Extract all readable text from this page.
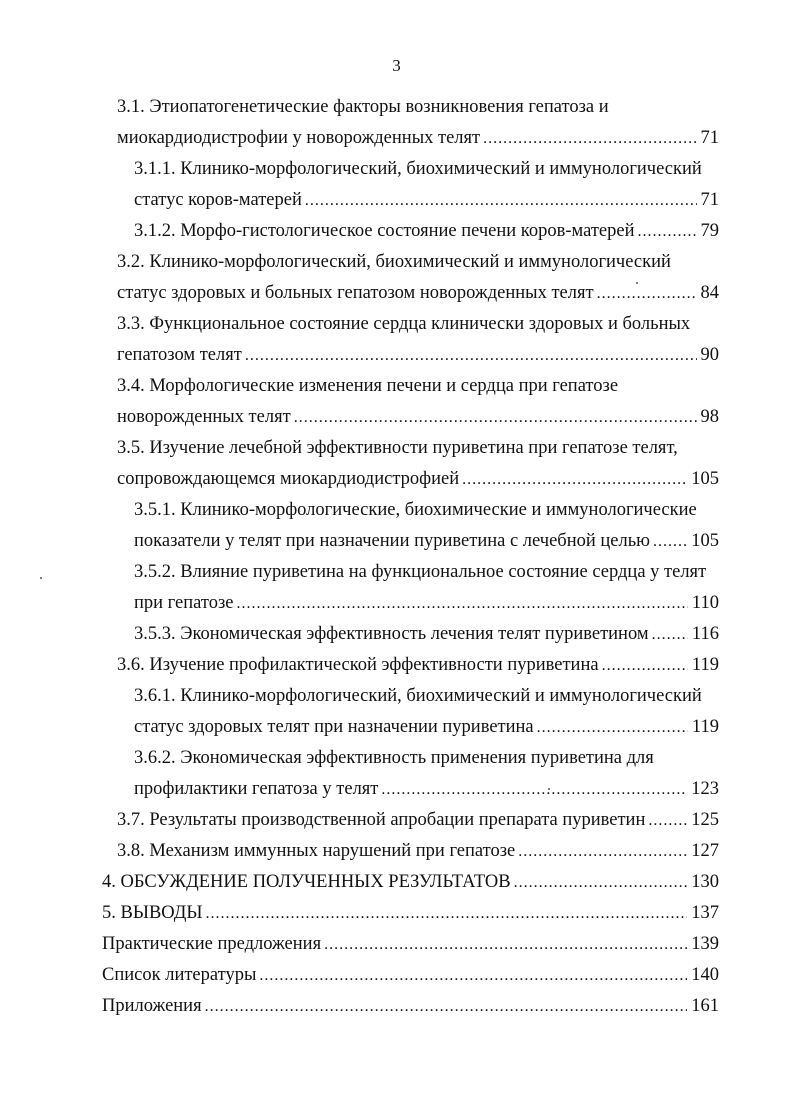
3
3.1. Этиопатогенетические факторы возникновения гепатоза и
миокардиодистрофии у новорожденных телят .....	71
3.1.1. Клинико-морфологический, биохимический и иммунологический
статус коров-матерей .....	71
3.1.2. Морфо-гистологическое состояние печени коров-матерей .....	79
3.2. Клинико-морфологический, биохимический и иммунологический
статус здоровых и больных гепатозом новорожденных телят .....	84
3.3. Функциональное состояние сердца клинически здоровых и больных
гепатозом телят .....	90
3.4. Морфологические изменения печени и сердца при гепатозе
новорожденных телят .....	98
3.5. Изучение лечебной эффективности пуриветина при гепатозе телят,
сопровождающемся миокардиодистрофией .....	105
3.5.1. Клинико-морфологические, биохимические и иммунологические
показатели у телят при назначении пуриветина с лечебной целью ..... 105
3.5.2. Влияние пуриветина на функциональное состояние сердца у телят
при гепатозе .....	110
3.5.3. Экономическая эффективность лечения телят пуриветином ..... 116
3.6. Изучение профилактической эффективности пуриветина .....	119
3.6.1. Клинико-морфологический, биохимический и иммунологический
статус здоровых телят при назначении пуриветина .....	119
3.6.2. Экономическая эффективность применения пуриветина для
профилактики гепатоза у телят .....	123
3.7. Результаты производственной апробации препарата пуриветин ..... 125
3.8. Механизм иммунных нарушений при гепатозе .....	127
4. ОБСУЖДЕНИЕ ПОЛУЧЕННЫХ РЕЗУЛЬТАТОВ .....	130
5. ВЫВОДЫ .....	137
Практические предложения .....	139
Список литературы .....	140
Приложения .....	161
